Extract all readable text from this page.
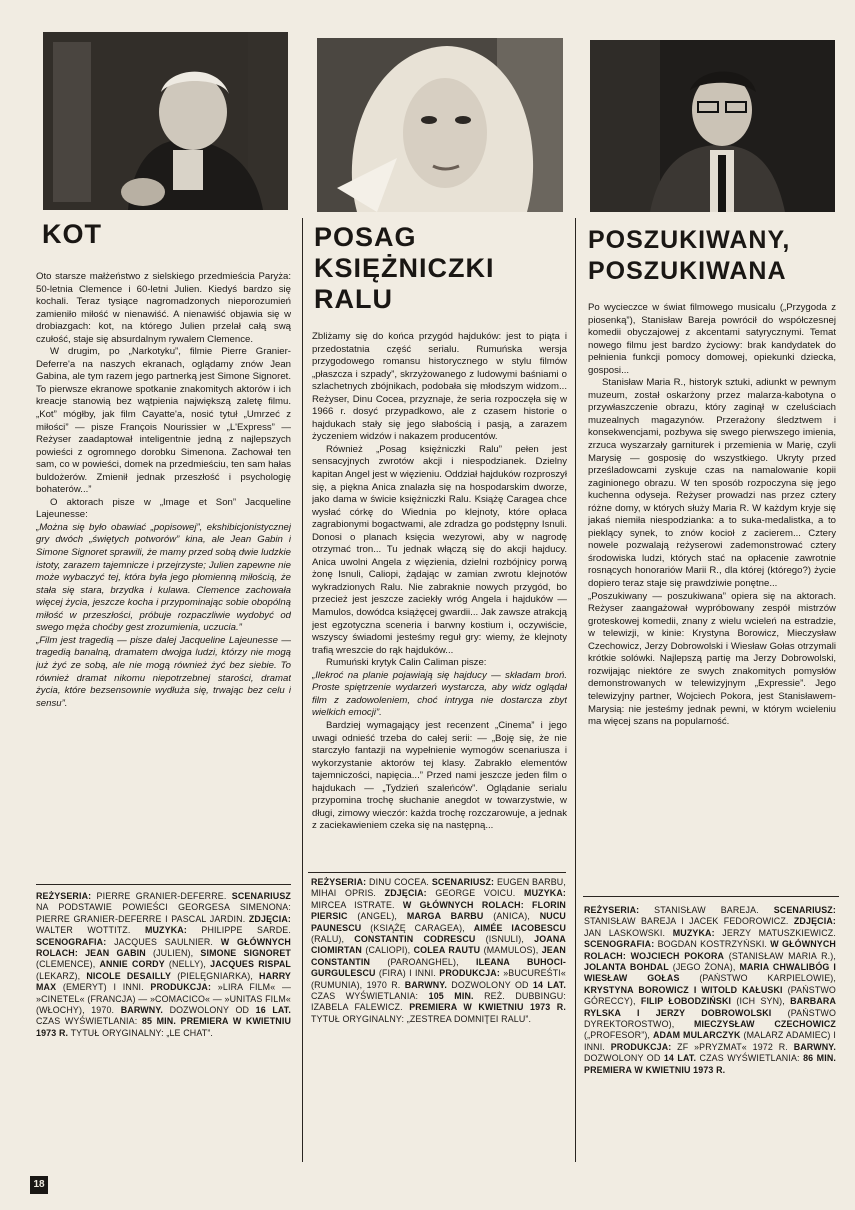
KOT

Oto starsze małżeństwo z sielskiego przedmieścia Paryża: 50-letnia Clemence i 60-letni Julien. Kiedyś bardzo się kochali. Teraz tysiące nagromadzonych nieporozumień zamieniło miłość w nienawiść. A nienawiść objawia się w drobiazgach: kot, na którego Julien przelał całą swą czułość, staje się absurdalnym rywalem Clemence.

W drugim, po „Narkotyku”, filmie Pierre Granier-Deferre'a na naszych ekranach, oglądamy znów Jean Gabina, ale tym razem jego partnerką jest Simone Signoret. To pierwsze ekranowe spotkanie znakomitych aktorów i ich kreacje stanowią bez wątpienia największą zaletę filmu. „Kot” mógłby, jak film Cayatte'a, nosić tytuł „Umrzeć z miłości” — pisze François Nourissier w „L'Express” — Reżyser zaadaptował inteligentnie jedną z najlepszych powieści z ogromnego dorobku Simenona. Zachował ten sam, co w powieści, domek na przedmieściu, ten sam hałas buldożerów. Zmienił jednak przeszłość i psychologię bohaterów...”

O aktorach pisze w „Image et Son” Jacqueline Lajeunesse:

„Można się było obawiać „popisowej”, ekshibicjonistycznej gry dwóch „świętych potworów” kina, ale Jean Gabin i Simone Signoret sprawili, że mamy przed sobą dwie ludzkie istoty, zarazem tajemnicze i przejrzyste; Julien zapewne nie może wybaczyć tej, która była jego płomienną miłością, że stała się stara, brzydka i kulawa. Clemence zachowała więcej życia, jeszcze kocha i przypominając sobie obopólną miłość w przeszłości, próbuje rozpaczliwie wydobyć od swego męża choćby gest zrozumienia, uczucia.”

„Film jest tragedią — pisze dalej Jacqueline Lajeunesse — tragedią banalną, dramatem dwojga ludzi, którzy nie mogą już żyć ze sobą, ale nie mogą również żyć bez siebie. To również dramat nikomu niepotrzebnej starości, dramat życia, które bezsensownie wydłuża się, trwając bez celu i sensu”.

REŻYSERIA: PIERRE GRANIER-DEFERRE. SCENARIUSZ NA PODSTAWIE POWIEŚCI GEORGESA SIMENONA: PIERRE GRANIER-DEFERRE I PASCAL JARDIN. ZDJĘCIA: WALTER WOTTITZ. MUZYKA: PHILIPPE SARDE. SCENOGRAFIA: JACQUES SAULNIER. W GŁÓWNYCH ROLACH: JEAN GABIN (JULIEN), SIMONE SIGNORET (CLEMENCE), ANNIE CORDY (NELLY), JACQUES RISPAL (LEKARZ), NICOLE DESAILLY (PIELĘGNIARKA), HARRY MAX (EMERYT) I INNI. PRODUKCJA: »LIRA FILM« — »CINETEL« (FRANCJA) — »COMACICO« — »UNITAS FILM« (WŁOCHY), 1970. BARWNY. DOZWOLONY OD 16 LAT. CZAS WYŚWIETLANIA: 85 MIN. PREMIERA W KWIETNIU 1973 R. TYTUŁ ORYGINALNY: „LE CHAT”.
POSAG
KSIĘŻNICZKI
RALU

Zbliżamy się do końca przygód hajduków: jest to piąta i przedostatnia część serialu. Rumuńska wersja przygodowego romansu historycznego w stylu filmów „płaszcza i szpady”, skrzyżowanego z ludowymi baśniami o szlachetnych zbójnikach, podobała się młodszym widzom... Reżyser, Dinu Cocea, przyznaje, że seria rozpoczęła się w 1966 r. dosyć przypadkowo, ale z czasem historie o hajdukach stały się jego słabością i pasją, a zarazem życzeniem widzów i nakazem producentów.

Również „Posag księżniczki Ralu” pełen jest sensacyjnych zwrotów akcji i niespodzianek. Dzielny kapitan Angel jest w więzieniu. Oddział hajduków rozproszył się, a piękna Anica znalazła się na hospodarskim dworze, jako dama w świcie księżniczki Ralu. Książę Caragea chce wysłać córkę do Wiednia po klejnoty, które opłaca zagrabionymi bogactwami, ale zdradza go podstępny Isnuli. Donosi o planach księcia wezyrowi, aby w nagrodę otrzymać tron... Tu jednak włączą się do akcji hajducy. Anica uwolni Angela z więzienia, dzielni rozbójnicy porwą żonę Isnuli, Caliopi, żądając w zamian zwrotu klejnotów wykradzionych Ralu. Nie zabraknie nowych przygód, bo przecież jest jeszcze zaciekły wróg Angela i hajduków — Mamulos, dowódca książęcej gwardii... Jak zawsze atrakcją jest egzotyczna sceneria i barwny kostium i, oczywiście, wszyscy świadomi jesteśmy reguł gry: wiemy, że klejnoty trafią wreszcie do rąk hajduków...

Rumuński krytyk Calin Caliman pisze:

„Ilekroć na planie pojawiają się hajducy — składam broń. Proste spiętrzenie wydarzeń wystarcza, aby widz oglądał film z zadowoleniem, choć intryga nie dostarcza zbyt wielkich emocji”.

Bardziej wymagający jest recenzent „Cinema” i jego uwagi odnieść trzeba do całej serii: — „Boję się, że nie starczyło fantazji na wypełnienie wymogów scenariusza i wykorzystanie aktorów tej klasy. Zabrakło elementów tajemniczości, napięcia...” Przed nami jeszcze jeden film o hajdukach — „Tydzień szaleńców”. Oglądanie serialu przypomina trochę słuchanie anegdot w towarzystwie, w długi, zimowy wieczór: każda trochę rozczarowuje, a jednak z zaciekawieniem czeka się na następną...

REŻYSERIA: DINU COCEA. SCENARIUSZ: EUGEN BARBU, MIHAI OPRIS. ZDJĘCIA: GEORGE VOICU. MUZYKA: MIRCEA ISTRATE. W GŁÓWNYCH ROLACH: FLORIN PIERSIC (ANGEL), MARGA BARBU (ANICA), NUCU PAUNESCU (KSIĄŻĘ CARAGEA), AIMÉE IACOBESCU (RALU), CONSTANTIN CODRESCU (ISNULI), JOANA CIOMIRTAN (CALIOPI), COLEA RAUTU (MAMULOS), JEAN CONSTANTIN (PAROANGHEL), ILEANA BUHOCI-GURGULESCU (FIRA) I INNI. PRODUKCJA: »BUCUREŚTI« (RUMUNIA), 1970 R. BARWNY. DOZWOLONY OD 14 LAT. CZAS WYŚWIETLANIA: 105 MIN. REŻ. DUBBINGU: IZABELA FALEWICZ. PREMIERA W KWIETNIU 1973 R. TYTUŁ ORYGINALNY: „ZESTREA DOMNIŢEI RALU”.
POSZUKIWANY,
POSZUKIWANA

Po wycieczce w świat filmowego musicalu („Przygoda z piosenką”), Stanisław Bareja powrócił do współczesnej komedii obyczajowej z akcentami satyrycznymi. Temat nowego filmu jest bardzo życiowy: brak kandydatek do pełnienia funkcji pomocy domowej, opiekunki dziecka, gosposi...

Stanisław Maria R., historyk sztuki, adiunkt w pewnym muzeum, został oskarżony przez malarza-kabotyna o przywłaszczenie obrazu, który zaginął w czeluściach muzealnych magazynów. Przerażony śledztwem i konsekwencjami, pozbywa się swego pierwszego imienia, zrzuca wyszarzały garniturek i przemienia w Marię, czyli Marysię — gosposię do wszystkiego. Ukryty przed prześladowcami zyskuje czas na namalowanie kopii zaginionego obrazu. W ten sposób rozpoczyna się jego kuchenna odyseja. Reżyser prowadzi nas przez cztery różne domy, w których służy Maria R. W każdym kryje się jakaś niemiła niespodzianka: a to suka-medalistka, a to pieklący synek, to znów kocioł z zacierem... Cztery nowele pozwalają reżyserowi zademonstrować cztery środowiska ludzi, których stać na opłacenie zawrotnie rosnących honorariów Marii R., dla której (którego?) życie dopiero teraz staje się prawdziwie ponętne...

„Poszukiwany — poszukiwana” opiera się na aktorach. Reżyser zaangażował wypróbowany zespół mistrzów groteskowej komedii, znany z wielu wcieleń na estradzie, w telewizji, w kinie: Krystyna Borowicz, Mieczysław Czechowicz, Jerzy Dobrowolski i Wiesław Gołas otrzymali krótkie solówki. Najlepszą partię ma Jerzy Dobrowolski, rozwijając niektóre ze swych znakomitych pomysłów demonstrowanych w telewizyjnym „Expressie”. Jego telewizyjny partner, Wojciech Pokora, jest Stanisławem-Marysią: nie jesteśmy jednak pewni, w którym wcieleniu ma więcej szans na popularność.

REŻYSERIA: STANISŁAW BAREJA. SCENARIUSZ: STANISŁAW BAREJA I JACEK FEDOROWICZ. ZDJĘCIA: JAN LASKOWSKI. MUZYKA: JERZY MATUSZKIEWICZ. SCENOGRAFIA: BOGDAN KOSTRZYŃSKI. W GŁÓWNYCH ROLACH: WOJCIECH POKORA (STANISŁAW MARIA R.), JOLANTA BOHDAL (JEGO ŻONA), MARIA CHWALIBÓG I WIESŁAW GOŁAS (PAŃSTWO KARPIELOWIE), KRYSTYNA BOROWICZ I WITOLD KAŁUSKI (PAŃSTWO GÓRECCY), FILIP ŁOBODZIŃSKI (ICH SYN), BARBARA RYLSKA I JERZY DOBROWOLSKI (PAŃSTWO DYREKTOROSTWO), MIECZYSŁAW CZECHOWICZ („PROFESOR”), ADAM MULARCZYK (MALARZ ADAMIEC) I INNI. PRODUKCJA: ZF »PRYZMAT« 1972 R. BARWNY. DOZWOLONY OD 14 LAT. CZAS WYŚWIETLANIA: 86 MIN. PREMIERA W KWIETNIU 1973 R.
18
